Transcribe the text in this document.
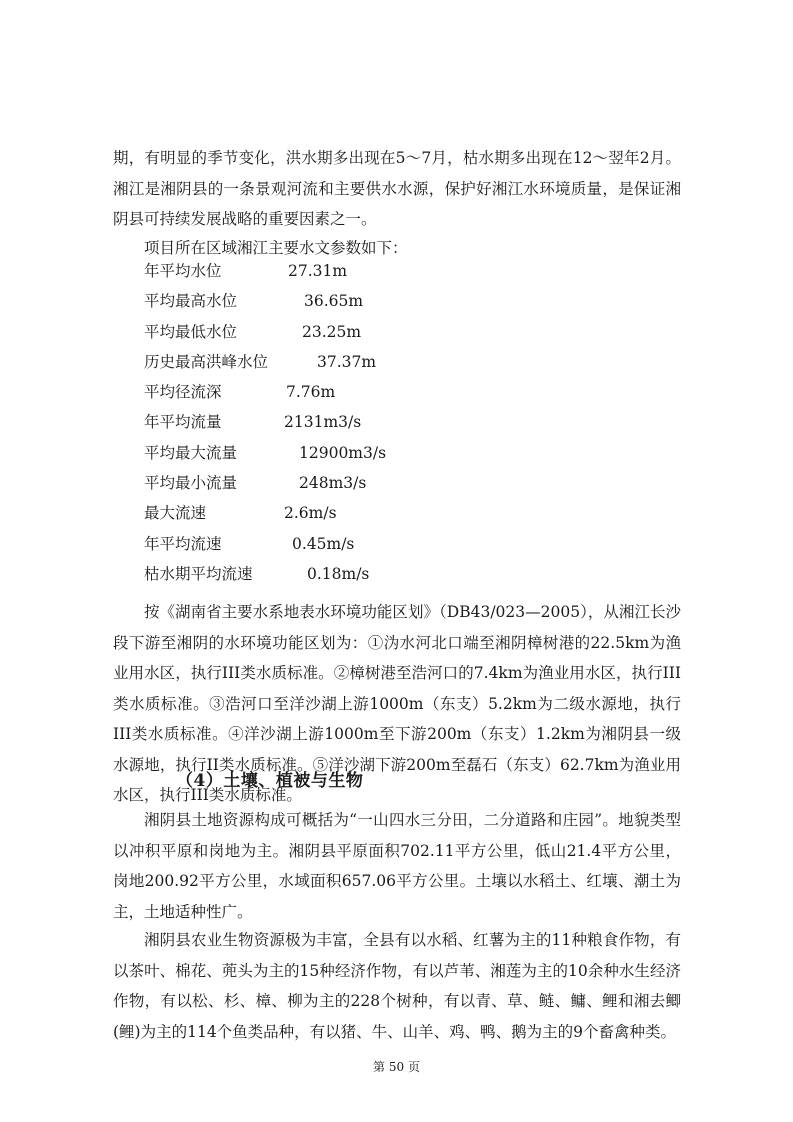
期，有明显的季节变化，洪水期多出现在5～7月，枯水期多出现在12～翌年2月。湘江是湘阴县的一条景观河流和主要供水水源，保护好湘江水环境质量，是保证湘阴县可持续发展战略的重要因素之一。

项目所在区域湘江主要水文参数如下：

年平均水位	27.31m
平均最高水位	36.65m
平均最低水位	23.25m
历史最高洪峰水位	37.37m
平均径流深	7.76m
年平均流量	2131m3/s
平均最大流量	12900m3/s
平均最小流量	248m3/s
最大流速	2.6m/s
年平均流速	0.45m/s
枯水期平均流速	0.18m/s

按《湖南省主要水系地表水环境功能区划》（DB43/023—2005），从湘江长沙段下游至湘阴的水环境功能区划为：①沩水河北口端至湘阴樟树港的22.5km为渔业用水区，执行III类水质标准。②樟树港至浩河口的7.4km为渔业用水区，执行III类水质标准。③浩河口至洋沙湖上游1000m（东支）5.2km为二级水源地，执行III类水质标准。④洋沙湖上游1000m至下游200m（东支）1.2km为湘阴县一级水源地，执行II类水质标准。⑤洋沙湖下游200m至磊石（东支）62.7km为渔业用水区，执行III类水质标准。

（4）土壤、植被与生物

湘阴县土地资源构成可概括为“一山四水三分田，二分道路和庄园”。地貌类型以冲积平原和岗地为主。湘阴县平原面积702.11平方公里，低山21.4平方公里，岗地200.92平方公里，水域面积657.06平方公里。土壤以水稻土、红壤、潮土为主，土地适种性广。

湘阴县农业生物资源极为丰富，全县有以水稻、红薯为主的11种粮食作物，有以茶叶、棉花、蔸头为主的15种经济作物，有以芦苇、湘莲为主的10余种水生经济作物，有以松、杉、樟、柳为主的228个树种，有以青、草、鲢、鳙、鲤和湘去鲫(鲤)为主的114个鱼类品种，有以猪、牛、山羊、鸡、鸭、鹅为主的9个畜禽种类。

第 50 页
